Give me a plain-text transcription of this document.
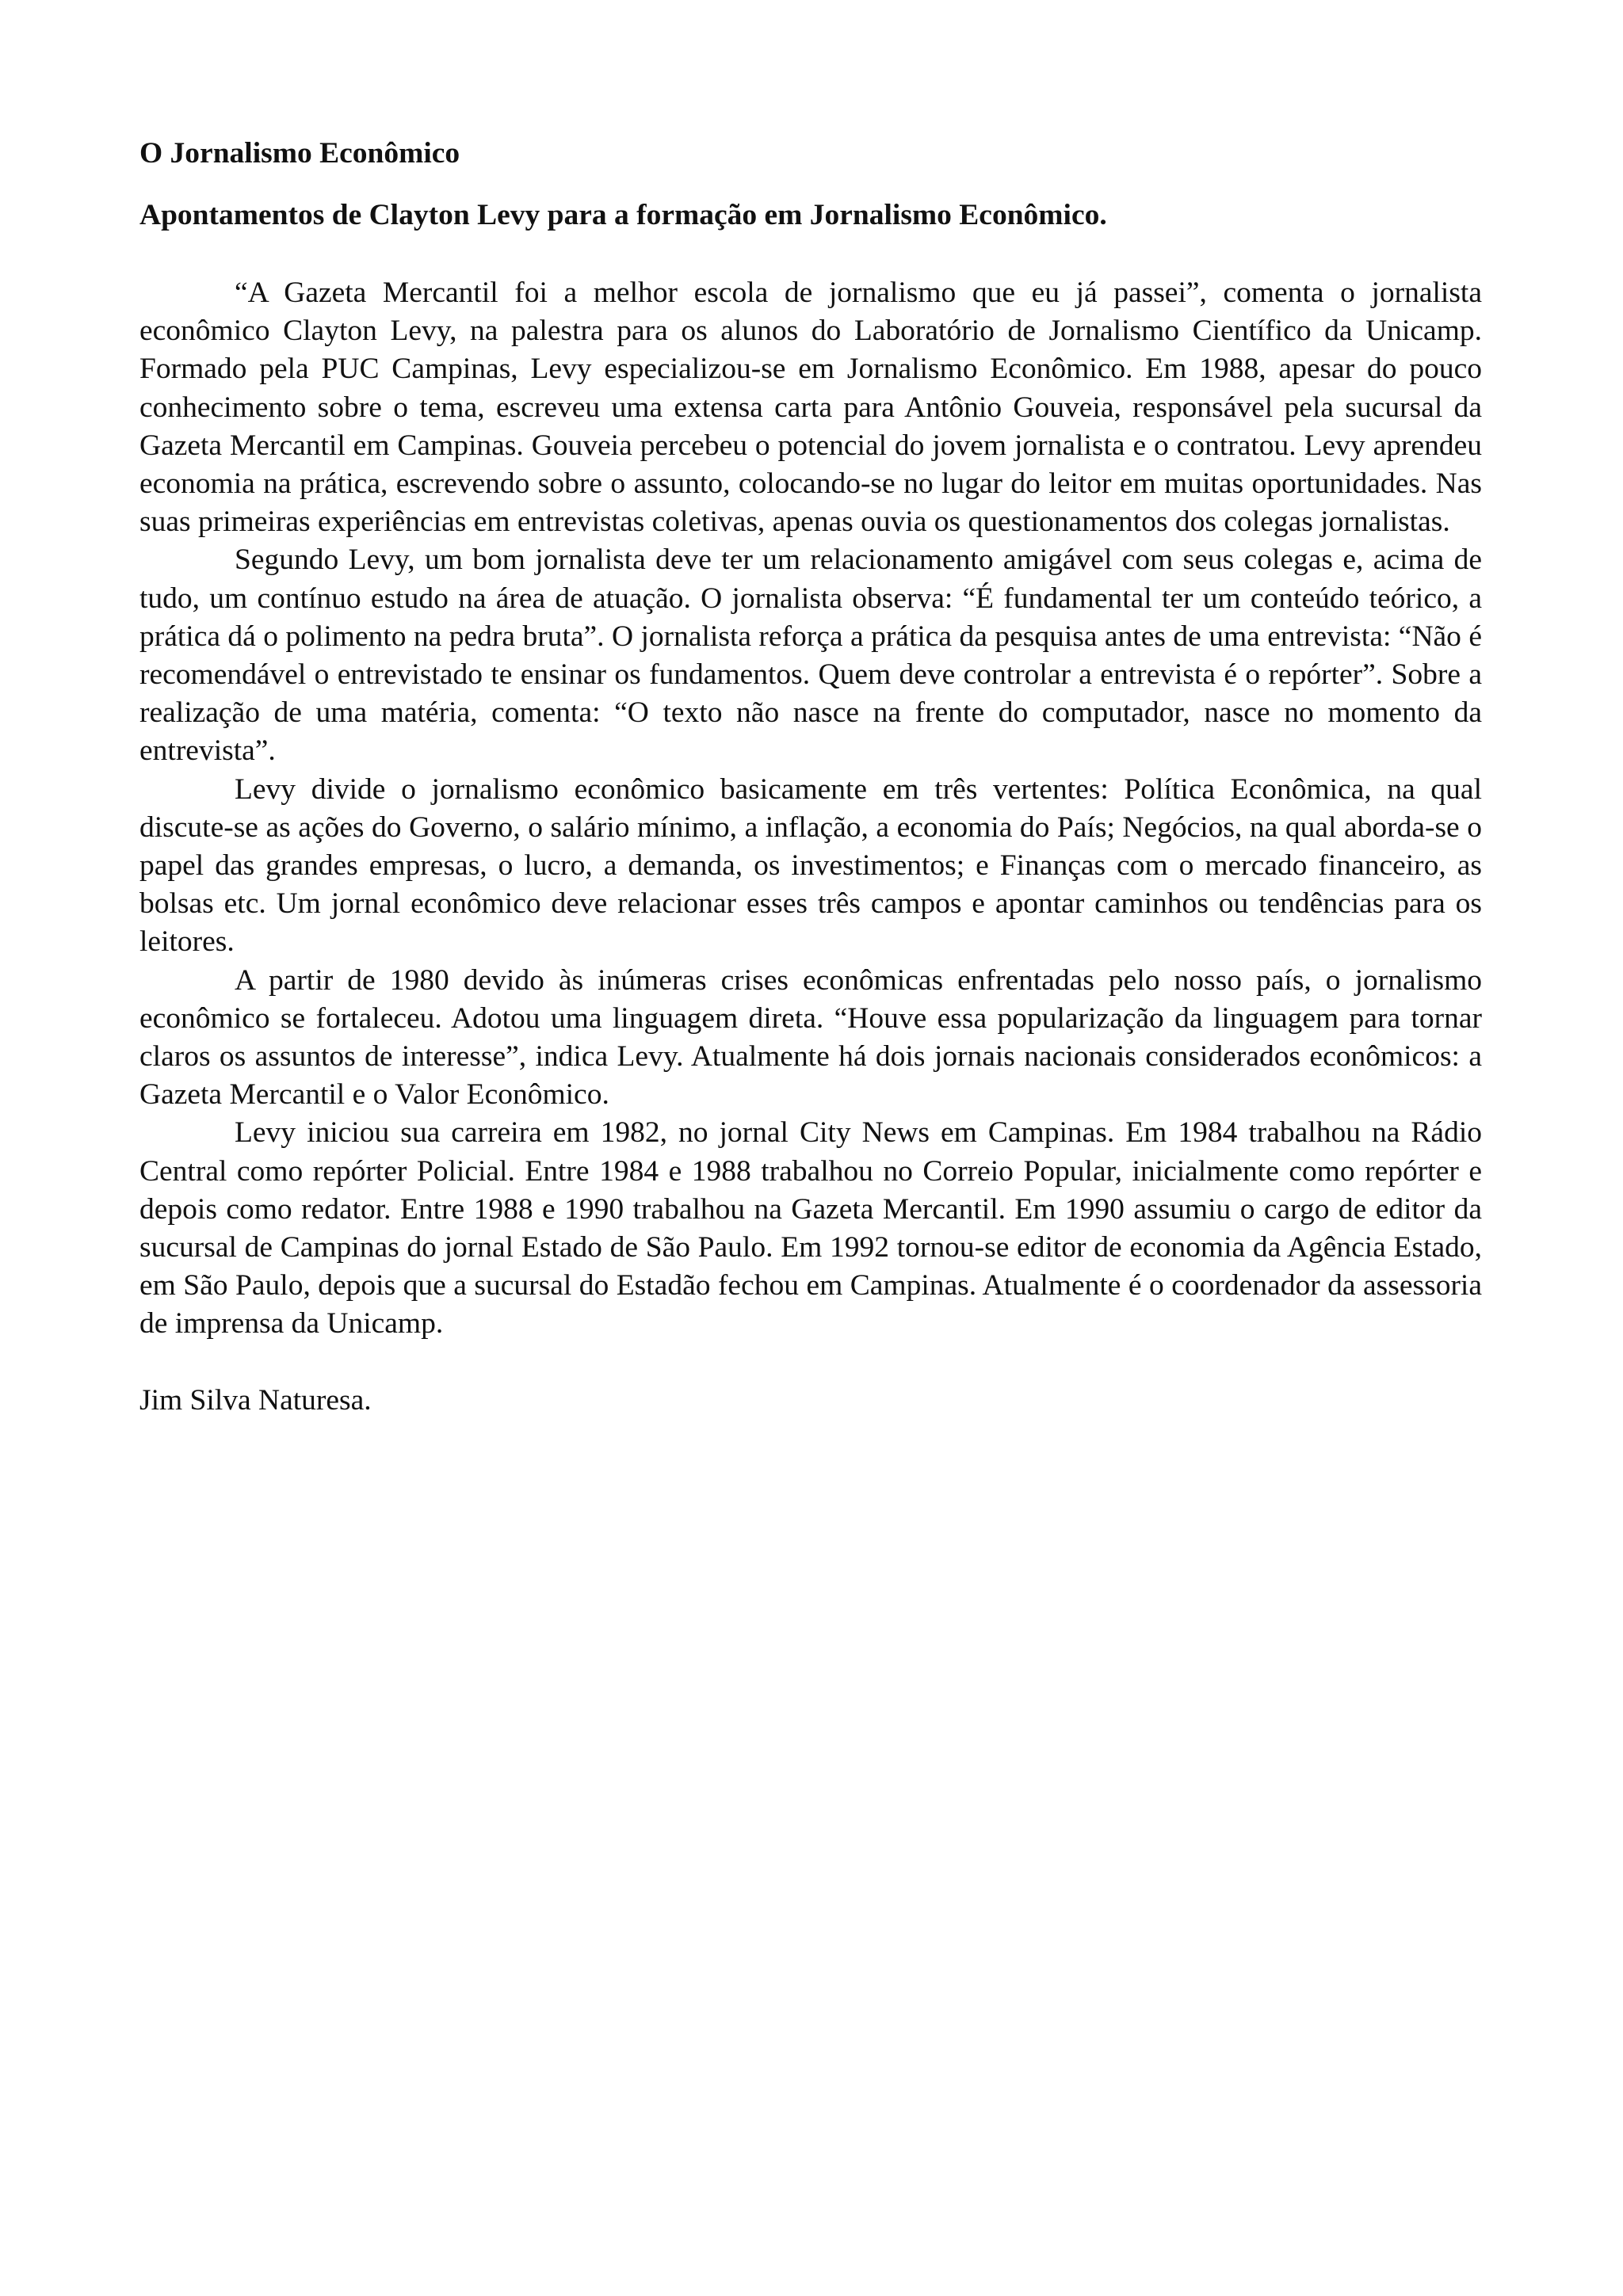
O Jornalismo Econômico

Apontamentos de Clayton Levy para a formação em Jornalismo Econômico.

“A Gazeta Mercantil foi a melhor escola de jornalismo que eu já passei”, comenta o jornalista econômico Clayton Levy, na palestra para os alunos do Laboratório de Jornalismo Científico da Unicamp. Formado pela PUC Campinas, Levy especializou-se em Jornalismo Econômico. Em 1988, apesar do pouco conhecimento sobre o tema, escreveu uma extensa carta para Antônio Gouveia, responsável pela sucursal da Gazeta Mercantil em Campinas. Gouveia percebeu o potencial do jovem jornalista e o contratou. Levy aprendeu economia na prática, escrevendo sobre o assunto, colocando-se no lugar do leitor em muitas oportunidades. Nas suas primeiras experiências em entrevistas coletivas, apenas ouvia os questionamentos dos colegas jornalistas.

Segundo Levy, um bom jornalista deve ter um relacionamento amigável com seus colegas e, acima de tudo, um contínuo estudo na área de atuação. O jornalista observa: “É fundamental ter um conteúdo teórico, a prática dá o polimento na pedra bruta”. O jornalista reforça a prática da pesquisa antes de uma entrevista: “Não é recomendável o entrevistado te ensinar os fundamentos. Quem deve controlar a entrevista é o repórter”. Sobre a realização de uma matéria, comenta: “O texto não nasce na frente do computador, nasce no momento da entrevista”.

Levy divide o jornalismo econômico basicamente em três vertentes: Política Econômica, na qual discute-se as ações do Governo, o salário mínimo, a inflação, a economia do País; Negócios, na qual aborda-se o papel das grandes empresas, o lucro, a demanda, os investimentos; e Finanças com o mercado financeiro, as bolsas etc. Um jornal econômico deve relacionar esses três campos e apontar caminhos ou tendências para os leitores.

A partir de 1980 devido às inúmeras crises econômicas enfrentadas pelo nosso país, o jornalismo econômico se fortaleceu. Adotou uma linguagem direta. “Houve essa popularização da linguagem para tornar claros os assuntos de interesse”, indica Levy. Atualmente há dois jornais nacionais considerados econômicos: a Gazeta Mercantil e o Valor Econômico.

Levy iniciou sua carreira em 1982, no jornal City News em Campinas. Em 1984 trabalhou na Rádio Central como repórter Policial. Entre 1984 e 1988 trabalhou no Correio Popular, inicialmente como repórter e depois como redator. Entre 1988 e 1990 trabalhou na Gazeta Mercantil. Em 1990 assumiu o cargo de editor da sucursal de Campinas do jornal Estado de São Paulo. Em 1992 tornou-se editor de economia da Agência Estado, em São Paulo, depois que a sucursal do Estadão fechou em Campinas. Atualmente é o coordenador da assessoria de imprensa da Unicamp.

Jim Silva Naturesa.
